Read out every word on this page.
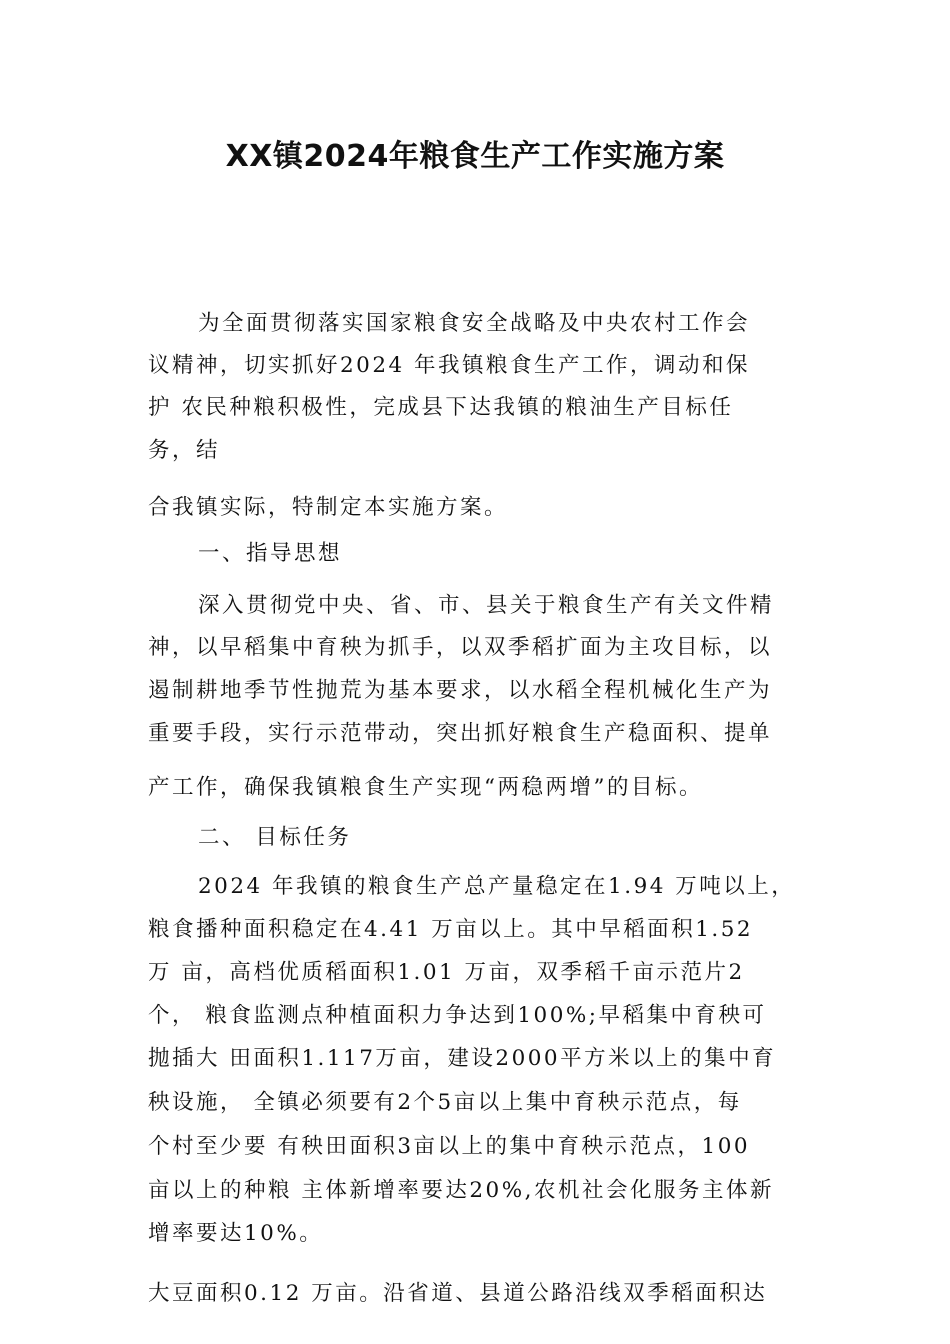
XX镇2024年粮食生产工作实施方案
为全面贯彻落实国家粮食安全战略及中央农村工作会
议精神，切实抓好2024 年我镇粮食生产工作，调动和保
护 农民种粮积极性，完成县下达我镇的粮油生产目标任
务，结
合我镇实际，特制定本实施方案。
一、指导思想
深入贯彻党中央、省、市、县关于粮食生产有关文件精
神，以早稻集中育秧为抓手，以双季稻扩面为主攻目标，以
遏制耕地季节性抛荒为基本要求，以水稻全程机械化生产为
重要手段，实行示范带动，突出抓好粮食生产稳面积、提单
产工作，确保我镇粮食生产实现“两稳两增”的目标。
二、 目标任务
2024 年我镇的粮食生产总产量稳定在1.94 万吨以上，
粮食播种面积稳定在4.41 万亩以上。其中早稻面积1.52
万 亩，高档优质稻面积1.01 万亩，双季稻千亩示范片2
个， 粮食监测点种植面积力争达到100%;早稻集中育秧可
抛插大 田面积1.117万亩，建设2000平方米以上的集中育
秧设施， 全镇必须要有2个5亩以上集中育秧示范点，每
个村至少要 有秧田面积3亩以上的集中育秧示范点，100
亩以上的种粮 主体新增率要达20%,农机社会化服务主体新
增率要达10%。
大豆面积0.12 万亩。沿省道、县道公路沿线双季稻面积达
